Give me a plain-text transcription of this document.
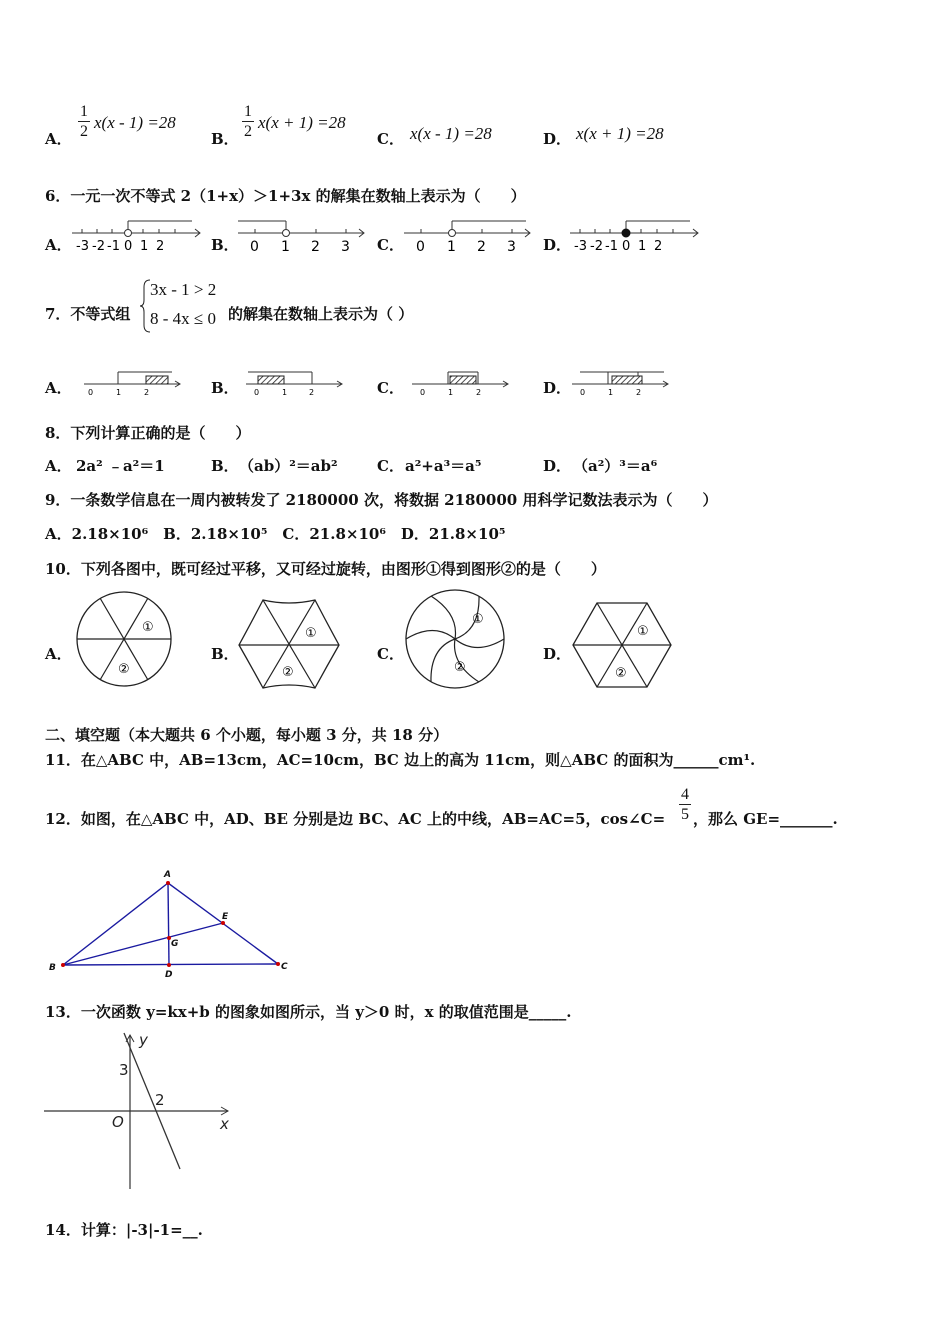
A．
1
2 x(x - 1) =28
B．
1
2 x(x + 1) =28
C． x(x - 1) =28	D． x(x + 1) =28
6．一元一次不等式 2（1+x）＞1+3x 的解集在数轴上表示为（　　）
A． -3 -2 -1 0 1 2	B． 0 1 2 3 C． 0 1 2 3 D． -3 -2 -1 0 1 2
7．不等式组
3x - 1 > 2
8 - 4x ≤ 0 的解集在数轴上表示为（ ）
A． 0	1	2	B． 0	1	2	C． 0	1	2	D． 0	1	2
8．下列计算正确的是（　　）
A． 2a² ﹣a²＝1	B． （ab）²＝ab²	C． a²+a³＝a⁵	D． （a²）³＝a⁶
9．一条数学信息在一周内被转发了 2180000 次，将数据 2180000 用科学记数法表示为（　　）
A．2.18×10⁶　B．2.18×10⁵　C．21.8×10⁶　D．21.8×10⁵
10．下列各图中，既可经过平移，又可经过旋转，由图形①得到图形②的是（　　）
A．
①
②
B．
①
②
C．
①
②
D．
①
②
二、填空题（本大题共 6 个小题，每小题 3 分，共 18 分）
11．在△ABC 中，AB=13cm，AC=10cm，BC 边上的高为 11cm，则△ABC 的面积为______cm¹.
12．如图，在△ABC 中，AD、BE 分别是边 BC、AC 上的中线，AB=AC=5，cos∠C=
4
5 ，那么 GE=_______.
A
B	C
D
E
G
13．一次函数 y=kx+b 的图象如图所示，当 y＞0 时，x 的取值范围是_____.
y
x
O
3
2
14．计算：|-3|-1=__.
